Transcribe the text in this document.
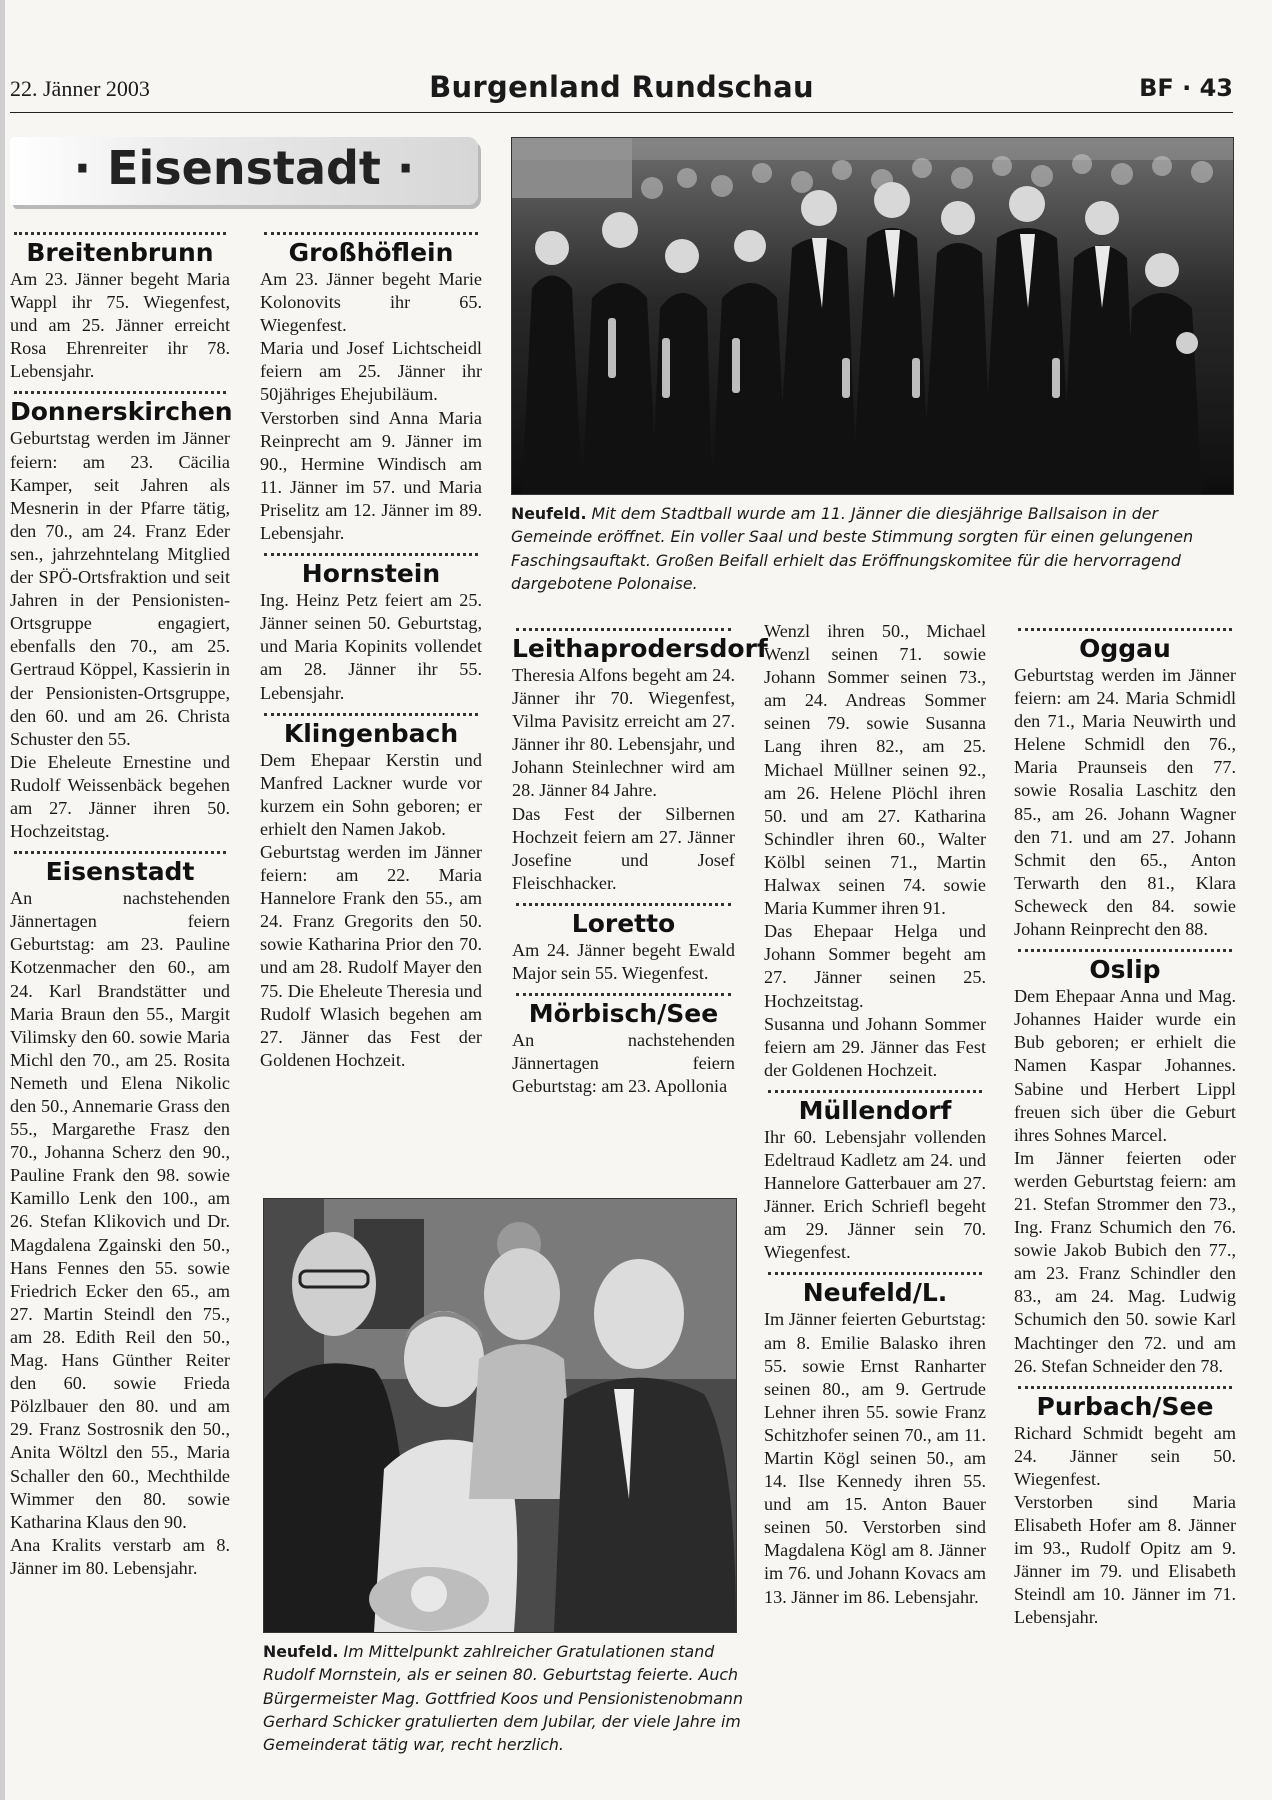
22. Jänner 2003	Burgenland Rundschau	BF · 43
· Eisenstadt ·
Breitenbrunn

Am 23. Jänner begeht Maria Wappl ihr 75. Wiegenfest, und am 25. Jänner erreicht Rosa Ehrenreiter ihr 78. Lebensjahr.

Donnerskirchen

Geburtstag werden im Jänner feiern: am 23. Cäcilia Kamper, seit Jahren als Mesnerin in der Pfarre tätig, den 70., am 24. Franz Eder sen., jahrzehntelang Mitglied der SPÖ-Ortsfraktion und seit Jahren in der Pensionisten-Ortsgruppe engagiert, ebenfalls den 70., am 25. Gertraud Köppel, Kassierin in der Pensionisten-Ortsgruppe, den 60. und am 26. Christa Schuster den 55.

Die Eheleute Ernestine und Rudolf Weissenbäck begehen am 27. Jänner ihren 50. Hochzeitstag.

Eisenstadt

An nachstehenden Jännertagen feiern Geburtstag: am 23. Pauline Kotzenmacher den 60., am 24. Karl Brandstätter und Maria Braun den 55., Margit Vilimsky den 60. sowie Maria Michl den 70., am 25. Rosita Nemeth und Elena Nikolic den 50., Annemarie Grass den 55., Margarethe Frasz den 70., Johanna Scherz den 90., Pauline Frank den 98. sowie Kamillo Lenk den 100., am 26. Stefan Klikovich und Dr. Magdalena Zgainski den 50., Hans Fennes den 55. sowie Friedrich Ecker den 65., am 27. Martin Steindl den 75., am 28. Edith Reil den 50., Mag. Hans Günther Reiter den 60. sowie Frieda Pölzlbauer den 80. und am 29. Franz Sostrosnik den 50., Anita Wöltzl den 55., Maria Schaller den 60., Mechthilde Wimmer den 80. sowie Katharina Klaus den 90.

Ana Kralits verstarb am 8. Jänner im 80. Lebensjahr.

Großhöflein

Am 23. Jänner begeht Marie Kolonovits ihr 65. Wiegenfest.

Maria und Josef Lichtscheidl feiern am 25. Jänner ihr 50jähriges Ehejubiläum.

Verstorben sind Anna Maria Reinprecht am 9. Jänner im 90., Hermine Windisch am 11. Jänner im 57. und Maria Priselitz am 12. Jänner im 89. Lebensjahr.

Hornstein

Ing. Heinz Petz feiert am 25. Jänner seinen 50. Geburtstag, und Maria Kopinits vollendet am 28. Jänner ihr 55. Lebensjahr.

Klingenbach

Dem Ehepaar Kerstin und Manfred Lackner wurde vor kurzem ein Sohn geboren; er erhielt den Namen Jakob.

Geburtstag werden im Jänner feiern: am 22. Maria Hannelore Frank den 55., am 24. Franz Gregorits den 50. sowie Katharina Prior den 70. und am 28. Rudolf Mayer den 75. Die Eheleute Theresia und Rudolf Wlasich begehen am 27. Jänner das Fest der Goldenen Hochzeit.

Neufeld. Mit dem Stadtball wurde am 11. Jänner die diesjährige Ballsaison in der Gemeinde eröffnet. Ein voller Saal und beste Stimmung sorgten für einen gelungenen Faschingsauftakt. Großen Beifall erhielt das Eröffnungskomitee für die hervorragend dargebotene Polonaise.
Leithaprodersdorf

Theresia Alfons begeht am 24. Jänner ihr 70. Wiegenfest, Vilma Pavisitz erreicht am 27. Jänner ihr 80. Lebensjahr, und Johann Steinlechner wird am 28. Jänner 84 Jahre.

Das Fest der Silbernen Hochzeit feiern am 27. Jänner Josefine und Josef Fleischhacker.

Loretto

Am 24. Jänner begeht Ewald Major sein 55. Wiegenfest.

Mörbisch/See

An nachstehenden Jännertagen feiern Geburtstag: am 23. Apollonia

Wenzl ihren 50., Michael Wenzl seinen 71. sowie Johann Sommer seinen 73., am 24. Andreas Sommer seinen 79. sowie Susanna Lang ihren 82., am 25. Michael Müllner seinen 92., am 26. Helene Plöchl ihren 50. und am 27. Katharina Schindler ihren 60., Walter Kölbl seinen 71., Martin Halwax seinen 74. sowie Maria Kummer ihren 91.

Das Ehepaar Helga und Johann Sommer begeht am 27. Jänner seinen 25. Hochzeitstag.

Susanna und Johann Sommer feiern am 29. Jänner das Fest der Goldenen Hochzeit.

Müllendorf

Ihr 60. Lebensjahr vollenden Edeltraud Kadletz am 24. und Hannelore Gatterbauer am 27. Jänner. Erich Schriefl begeht am 29. Jänner sein 70. Wiegenfest.

Neufeld/L.

Im Jänner feierten Geburtstag: am 8. Emilie Balasko ihren 55. sowie Ernst Ranharter seinen 80., am 9. Gertrude Lehner ihren 55. sowie Franz Schitzhofer seinen 70., am 11. Martin Kögl seinen 50., am 14. Ilse Kennedy ihren 55. und am 15. Anton Bauer seinen 50. Verstorben sind Magdalena Kögl am 8. Jänner im 76. und Johann Kovacs am 13. Jänner im 86. Lebensjahr.

Oggau

Geburtstag werden im Jänner feiern: am 24. Maria Schmidl den 71., Maria Neuwirth und Helene Schmidl den 76., Maria Praunseis den 77. sowie Rosalia Laschitz den 85., am 26. Johann Wagner den 71. und am 27. Johann Schmit den 65., Anton Terwarth den 81., Klara Scheweck den 84. sowie Johann Reinprecht den 88.

Oslip

Dem Ehepaar Anna und Mag. Johannes Haider wurde ein Bub geboren; er erhielt die Namen Kaspar Johannes. Sabine und Herbert Lippl freuen sich über die Geburt ihres Sohnes Marcel.

Im Jänner feierten oder werden Geburtstag feiern: am 21. Stefan Strommer den 73., Ing. Franz Schumich den 76. sowie Jakob Bubich den 77., am 23. Franz Schindler den 83., am 24. Mag. Ludwig Schumich den 50. sowie Karl Machtinger den 72. und am 26. Stefan Schneider den 78.

Purbach/See

Richard Schmidt begeht am 24. Jänner sein 50. Wiegenfest.

Verstorben sind Maria Elisabeth Hofer am 8. Jänner im 93., Rudolf Opitz am 9. Jänner im 79. und Elisabeth Steindl am 10. Jänner im 71. Lebensjahr.

Neufeld. Im Mittelpunkt zahlreicher Gratulationen stand Rudolf Mornstein, als er seinen 80. Geburtstag feierte. Auch Bürgermeister Mag. Gottfried Koos und Pensionistenobmann Gerhard Schicker gratulierten dem Jubilar, der viele Jahre im Gemeinderat tätig war, recht herzlich.
